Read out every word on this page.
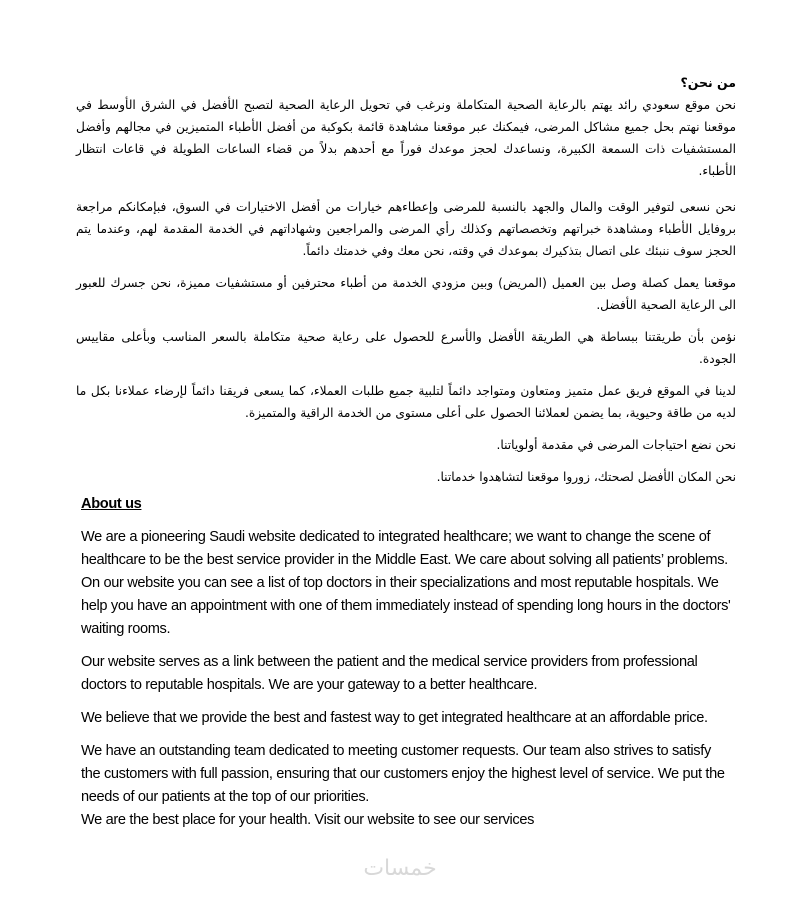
من نحن؟

نحن موقع سعودي رائد يهتم بالرعاية الصحية المتكاملة ونرغب في تحويل الرعاية الصحية لتصبح الأفضل في الشرق الأوسط في موقعنا نهتم بحل جميع مشاكل المرضى، فيمكنك عبر موقعنا مشاهدة قائمة بكوكبة من أفضل الأطباء المتميزين في مجالهم وأفضل المستشفيات ذات السمعة الكبيرة، ونساعدك لحجز موعدك فوراً مع أحدهم بدلاً من قضاء الساعات الطويلة في قاعات انتظار الأطباء.

نحن نسعى لتوفير الوقت والمال والجهد بالنسبة للمرضى وإعطاءهم خيارات من أفضل الاختيارات في السوق، فبإمكانكم مراجعة بروفايل الأطباء ومشاهدة خبراتهم وتخصصاتهم وكذلك رأي المرضى والمراجعين وشهاداتهم في الخدمة المقدمة لهم، وعندما يتم الحجز سوف ننبئك على اتصال بتذكيرك بموعدك في وقته، نحن معك وفي خدمتك دائماً.

موقعنا يعمل كصلة وصل بين العميل (المريض) وبين مزودي الخدمة من أطباء محترفين أو مستشفيات مميزة، نحن جسرك للعبور الى الرعاية الصحية الأفضل.

نؤمن بأن طريقتنا ببساطة هي الطريقة الأفضل والأسرع للحصول على رعاية صحية متكاملة بالسعر المناسب وبأعلى مقاييس الجودة.

لدينا في الموقع فريق عمل متميز ومتعاون ومتواجد دائماً لتلبية جميع طلبات العملاء، كما يسعى فريقنا دائماً لإرضاء عملاءنا بكل ما لديه من طاقة وحيوية، بما يضمن لعملائنا الحصول على أعلى مستوى من الخدمة الراقية والمتميزة.

نحن نضع احتياجات المرضى في مقدمة أولوياتنا.

نحن المكان الأفضل لصحتك، زوروا موقعنا لتشاهدوا خدماتنا.

About us

We are a pioneering Saudi website dedicated to integrated healthcare; we want to change the scene of healthcare to be the best service provider in the Middle East. We care about solving all patients’ problems. On our website you can see a list of top doctors in their specializations and most reputable hospitals. We help you have an appointment with one of them immediately instead of spending long hours in the doctors' waiting rooms.

Our website serves as a link between the patient and the medical service providers from professional doctors to reputable hospitals. We are your gateway to a better healthcare.

We believe that we provide the best and fastest way to get integrated healthcare at an affordable price.

We have an outstanding team dedicated to meeting customer requests. Our team also strives to satisfy the customers with full passion, ensuring that our customers enjoy the highest level of service. We put the needs of our patients at the top of our priorities.

We are the best place for your health. Visit our website to see our services

خمسات
